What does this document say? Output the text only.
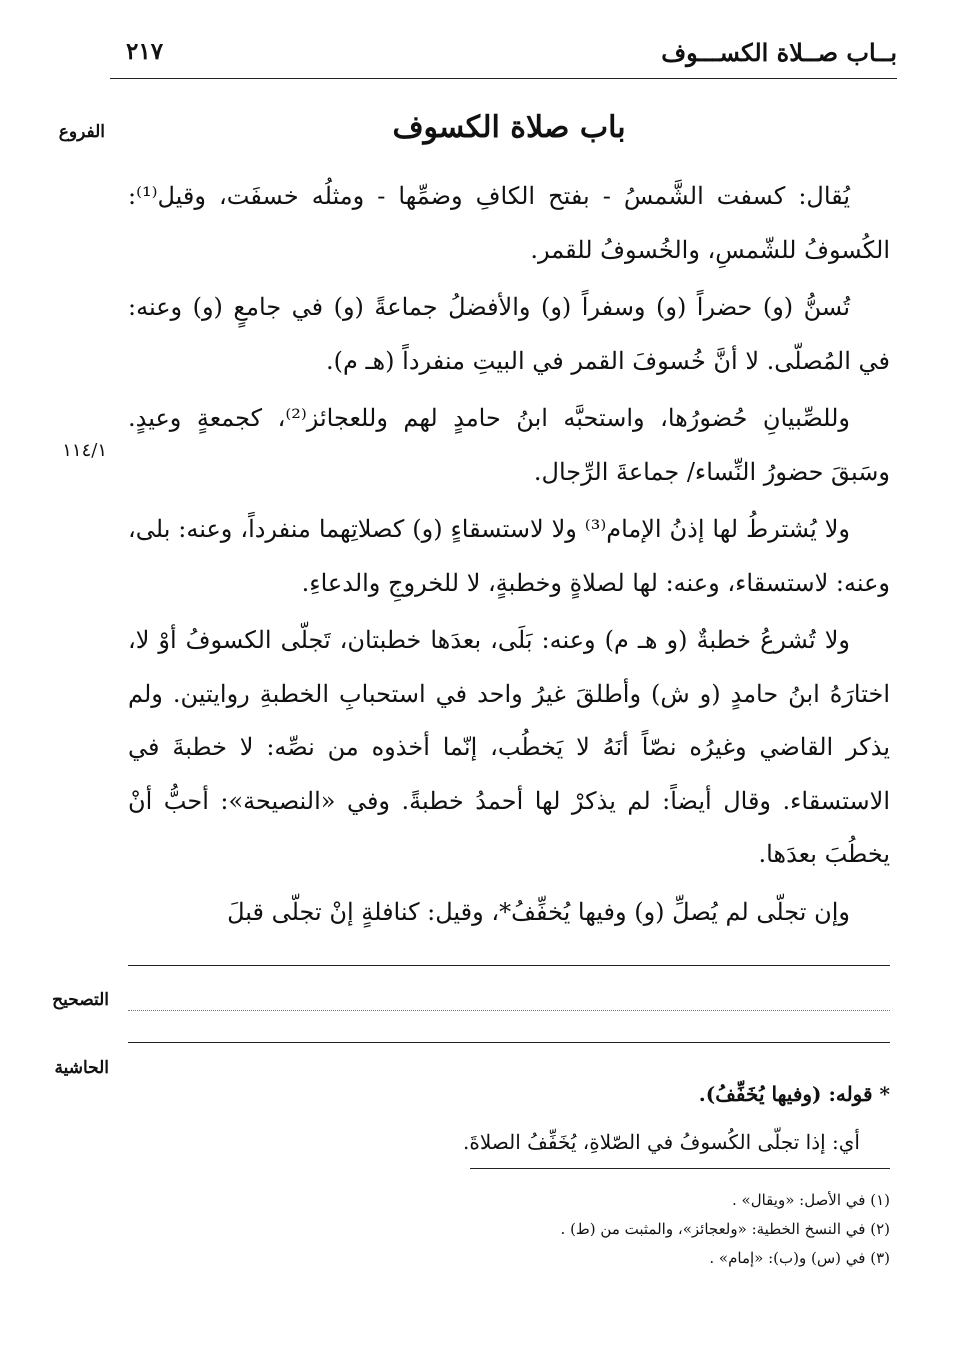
بــاب صــلاة الكســـوف
٢١٧
الفروع
١١٤/١
التصحيح
الحاشية
باب صلاة الكسوف

يُقال: كسفت الشَّمسُ - بفتح الكافِ وضمِّها - ومثلُه خسفَت، وقيل⁽¹⁾: الكُسوفُ للشّمسِ، والخُسوفُ للقمر.

تُسنُّ (و) حضراً (و) وسفراً (و) والأفضلُ جماعةً (و) في جامعٍ (و) وعنه: في المُصلّى. لا أنَّ خُسوفَ القمر في البيتِ منفرداً (هـ م).

وللصِّبيانِ حُضورُها، واستحبَّه ابنُ حامدٍ لهم وللعجائز⁽²⁾، كجمعةٍ وعيدٍ. وسَبقَ حضورُ النِّساء/ جماعةَ الرِّجال.

ولا يُشترطُ لها إذنُ الإمام⁽³⁾ ولا لاستسقاءٍ (و) كصلاتِهما منفرداً، وعنه: بلى، وعنه: لاستسقاء، وعنه: لها لصلاةٍ وخطبةٍ، لا للخروجِ والدعاءِ.

ولا تُشرعُ خطبةٌ (و هـ م) وعنه: بَلَى، بعدَها خطبتان، تَجلّى الكسوفُ أوْ لا، اختارَهُ ابنُ حامدٍ (و ش) وأطلقَ غيرُ واحد في استحبابِ الخطبةِ روايتين. ولم يذكر القاضي وغيرُه نصّاً أنَهُ لا يَخطُب، إنّما أخذوه من نصِّه: لا خطبةَ في الاستسقاء. وقال أيضاً: لم يذكرْ لها أحمدُ خطبةً. وفي «النصيحة»: أحبُّ أنْ يخطُبَ بعدَها.

وإن تجلّى لم يُصلِّ (و) وفيها يُخفِّفُ*، وقيل: كنافلةٍ إنْ تجلّى قبلَ

* قوله: (وفيها يُخَفِّفُ).

أي: إذا تجلّى الكُسوفُ في الصّلاةِ، يُخَفِّفُ الصلاةَ.

(١) في الأصل: «ويقال» .

(٢) في النسخ الخطية: «ولعجائز»، والمثبت من (ط) .

(٣) في (س) و(ب): «إمام» .
